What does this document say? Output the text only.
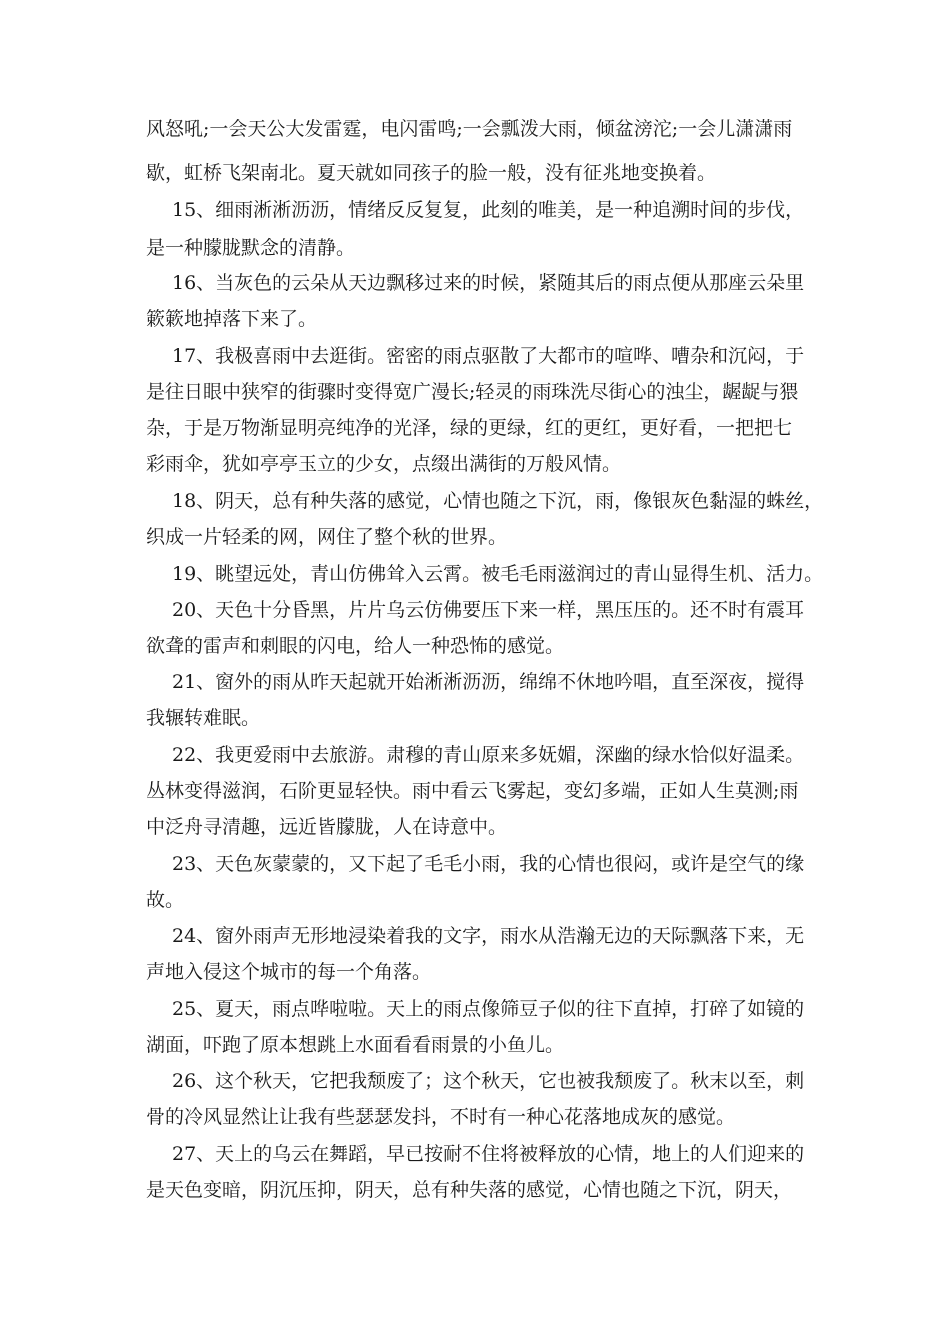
风怒吼;一会天公大发雷霆，电闪雷鸣;一会瓢泼大雨，倾盆滂沱;一会儿潇潇雨
歇，虹桥飞架南北。夏天就如同孩子的脸一般，没有征兆地变换着。
15、细雨淅淅沥沥，情绪反反复复，此刻的唯美，是一种追溯时间的步伐，
是一种朦胧默念的清静。
16、当灰色的云朵从天边飘移过来的时候，紧随其后的雨点便从那座云朵里
簌簌地掉落下来了。
17、我极喜雨中去逛街。密密的雨点驱散了大都市的喧哗、嘈杂和沉闷，于
是往日眼中狭窄的街骤时变得宽广漫长;轻灵的雨珠洗尽街心的浊尘，龌龊与猥
杂，于是万物渐显明亮纯净的光泽，绿的更绿，红的更红，更好看，一把把七
彩雨伞，犹如亭亭玉立的少女，点缀出满街的万般风情。
18、阴天，总有种失落的感觉，心情也随之下沉，雨，像银灰色黏湿的蛛丝，
织成一片轻柔的网，网住了整个秋的世界。
19、眺望远处，青山仿佛耸入云霄。被毛毛雨滋润过的青山显得生机、活力。
20、天色十分昏黑，片片乌云仿佛要压下来一样，黑压压的。还不时有震耳
欲聋的雷声和刺眼的闪电，给人一种恐怖的感觉。
21、窗外的雨从昨天起就开始淅淅沥沥，绵绵不休地吟唱，直至深夜，搅得
我辗转难眠。
22、我更爱雨中去旅游。肃穆的青山原来多妩媚，深幽的绿水恰似好温柔。
丛林变得滋润，石阶更显轻快。雨中看云飞雾起，变幻多端，正如人生莫测;雨
中泛舟寻清趣，远近皆朦胧，人在诗意中。
23、天色灰蒙蒙的，又下起了毛毛小雨，我的心情也很闷，或许是空气的缘
故。
24、窗外雨声无形地浸染着我的文字，雨水从浩瀚无边的天际飘落下来，无
声地入侵这个城市的每一个角落。
25、夏天，雨点哗啦啦。天上的雨点像筛豆子似的往下直掉，打碎了如镜的
湖面，吓跑了原本想跳上水面看看雨景的小鱼儿。
26、这个秋天，它把我颓废了；这个秋天，它也被我颓废了。秋末以至，刺
骨的冷风显然让让我有些瑟瑟发抖，不时有一种心花落地成灰的感觉。
27、天上的乌云在舞蹈，早已按耐不住将被释放的心情，地上的人们迎来的
是天色变暗，阴沉压抑，阴天，总有种失落的感觉，心情也随之下沉，阴天，
